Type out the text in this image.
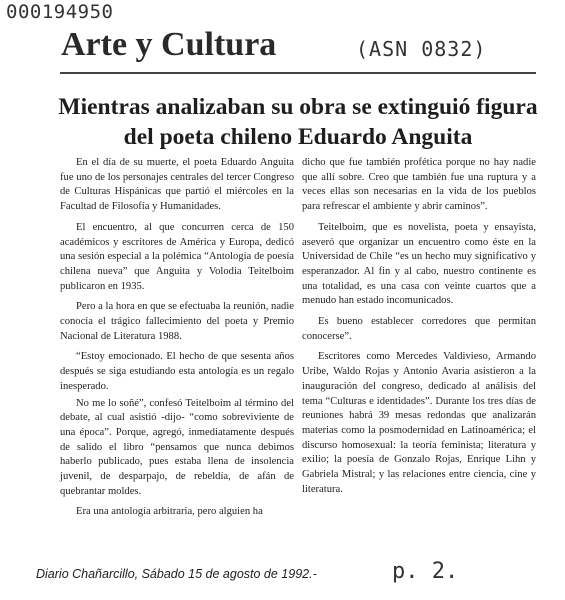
000194950
(ASN 0832)
Arte y Cultura
Mientras analizaban su obra se extinguió figura del poeta chileno Eduardo Anguita

En el día de su muerte, el poeta Eduardo Anguita fue uno de los personajes centrales del tercer Congreso de Culturas Hispánicas que partió el miércoles en la Facultad de Filosofía y Humanidades.

El encuentro, al que concurren cerca de 150 académicos y escritores de América y Europa, dedicó una sesión especial a la polémica “Antología de poesía chilena nueva” que Anguita y Volodia Teitelboim publicaron en 1935.

Pero a la hora en que se efectuaba la reunión, nadie conocía el trágico fallecimiento del poeta y Premio Nacional de Literatura 1988.

“Estoy emocionado. El hecho de que sesenta años después se siga estudiando esta antología es un regalo inesperado.

No me lo soñé”, confesó Teitelboim al término del debate, al cual asistió -dijo- “como sobreviviente de una época”. Porque, agregó, inmediatamente después de salido el libro “pensamos que nunca debimos haberlo publicado, pues estaba llena de insolencia juvenil, de desparpajo, de rebeldía, de afán de quebrantar moldes.

Era una antología arbitraria, pero alguien ha

dicho que fue también profética porque no hay nadie que allí sobre. Creo que también fue una ruptura y a veces ellas son necesarias en la vida de los pueblos para refrescar el ambiente y abrir caminos”.

Teitelboim, que es novelista, poeta y ensayista, aseveró que organizar un encuentro como éste en la Universidad de Chile “es un hecho muy significativo y esperanzador. Al fin y al cabo, nuestro continente es una totalidad, es una casa con veinte cuartos que a menudo han estado incomunicados.

Es bueno establecer corredores que permitan conocerse”.

Escritores como Mercedes Valdivieso, Armando Uribe, Waldo Rojas y Antonio Avaria asistieron a la inauguración del congreso, dedicado al análisis del tema “Culturas e identidades”. Durante los tres días de reuniones habrá 39 mesas redondas que analizarán materias como la posmodernidad en Latinoamérica; el discurso homosexual: la teoría feminista; literatura y exilio; la poesía de Gonzalo Rojas, Enrique Lihn y Gabriela Mistral; y las relaciones entre ciencia, cine y literatura.

Diario Chañarcillo, Sábado 15 de agosto de 1992.-	p. 2.
